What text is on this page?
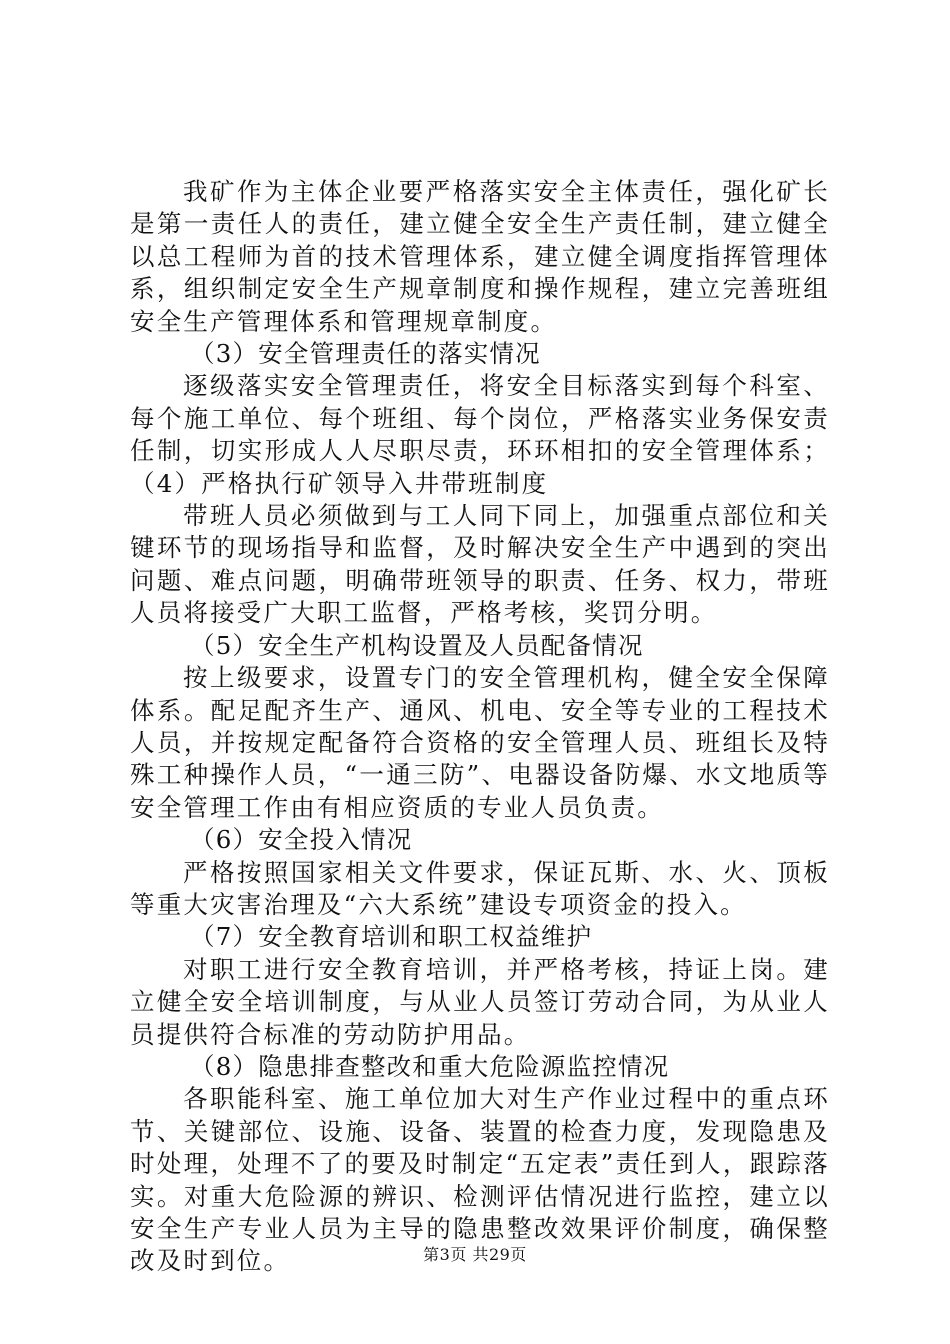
我矿作为主体企业要严格落实安全主体责任，强化矿长是第一责任人的责任，建立健全安全生产责任制，建立健全以总工程师为首的技术管理体系，建立健全调度指挥管理体系，组织制定安全生产规章制度和操作规程，建立完善班组安全生产管理体系和管理规章制度。

（3）安全管理责任的落实情况

逐级落实安全管理责任，将安全目标落实到每个科室、每个施工单位、每个班组、每个岗位，严格落实业务保安责任制，切实形成人人尽职尽责，环环相扣的安全管理体系；（4）严格执行矿领导入井带班制度

带班人员必须做到与工人同下同上，加强重点部位和关键环节的现场指导和监督，及时解决安全生产中遇到的突出问题、难点问题，明确带班领导的职责、任务、权力，带班人员将接受广大职工监督，严格考核，奖罚分明。

（5）安全生产机构设置及人员配备情况

按上级要求，设置专门的安全管理机构，健全安全保障体系。配足配齐生产、通风、机电、安全等专业的工程技术人员，并按规定配备符合资格的安全管理人员、班组长及特殊工种操作人员，“一通三防”、电器设备防爆、水文地质等安全管理工作由有相应资质的专业人员负责。

（6）安全投入情况

严格按照国家相关文件要求，保证瓦斯、水、火、顶板等重大灾害治理及“六大系统”建设专项资金的投入。

（7）安全教育培训和职工权益维护

对职工进行安全教育培训，并严格考核，持证上岗。建立健全安全培训制度，与从业人员签订劳动合同，为从业人员提供符合标准的劳动防护用品。

（8）隐患排查整改和重大危险源监控情况

各职能科室、施工单位加大对生产作业过程中的重点环节、关键部位、设施、设备、装置的检查力度，发现隐患及时处理，处理不了的要及时制定“五定表”责任到人，跟踪落实。对重大危险源的辨识、检测评估情况进行监控，建立以安全生产专业人员为主导的隐患整改效果评价制度，确保整改及时到位。	第3页 共29页
